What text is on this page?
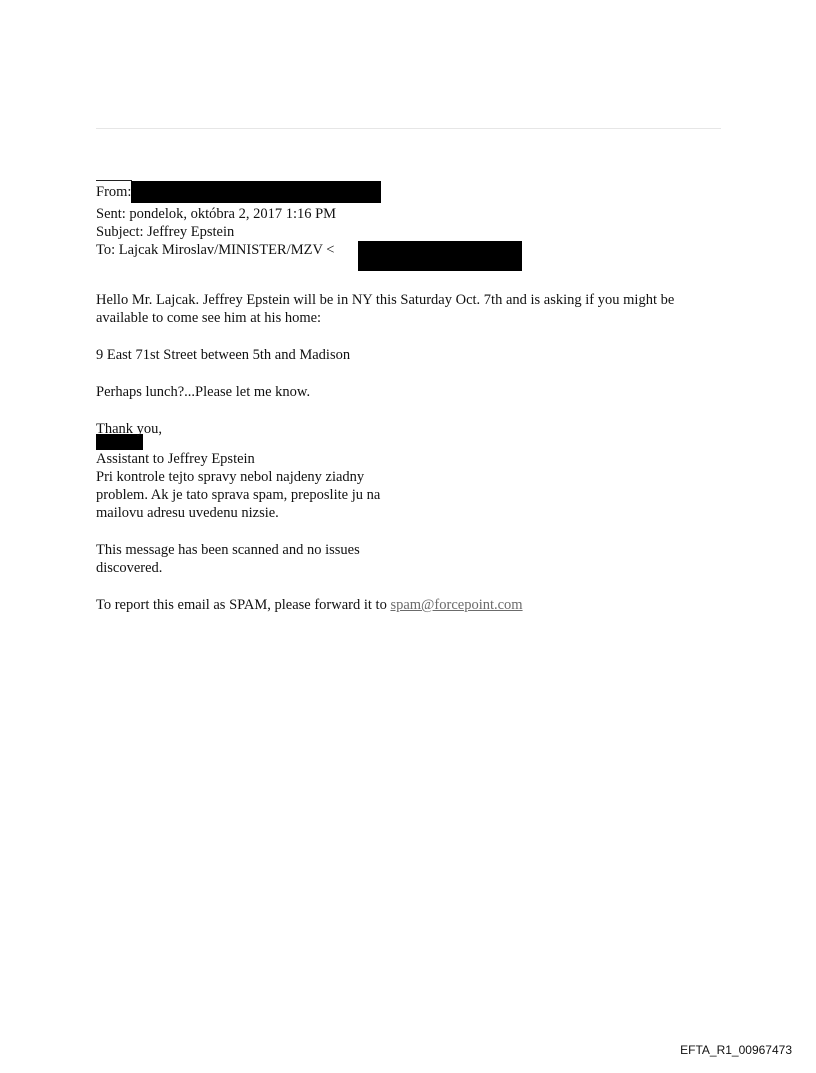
From:
Sent: pondelok, októbra 2, 2017 1:16 PM
Subject: Jeffrey Epstein
To: Lajcak Miroslav/MINISTER/MZV <
Hello Mr. Lajcak. Jeffrey Epstein will be in NY this Saturday Oct. 7th and is asking if you might be available to come see him at his home:
9 East 71st Street between 5th and Madison
Perhaps lunch?...Please let me know.
Thank you,
Assistant to Jeffrey Epstein
Pri kontrole tejto spravy nebol najdeny ziadny
problem. Ak je tato sprava spam, preposlite ju na
mailovu adresu uvedenu nizsie.
This message has been scanned and no issues
discovered.
To report this email as SPAM, please forward it to spam@forcepoint.com
EFTA_R1_00967473
